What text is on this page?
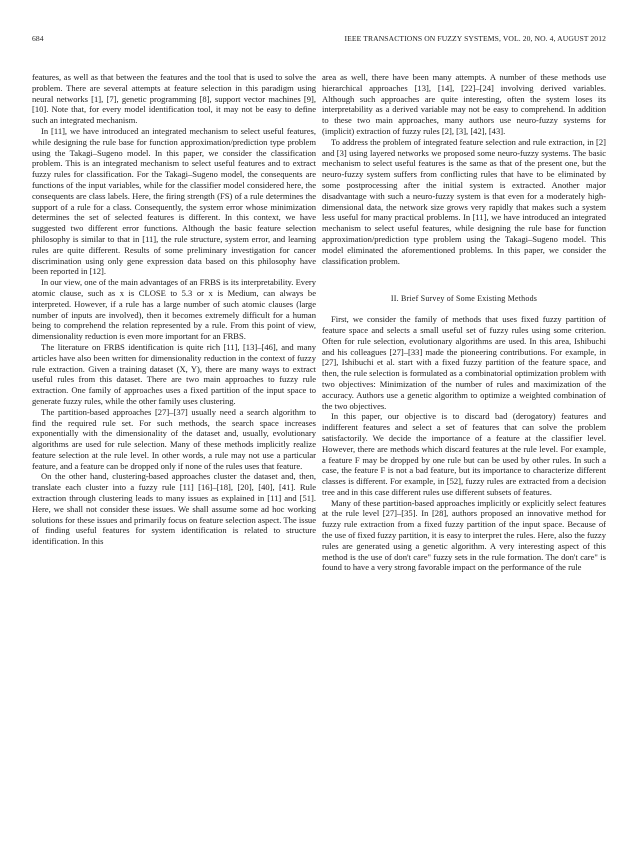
684	IEEE TRANSACTIONS ON FUZZY SYSTEMS, VOL. 20, NO. 4, AUGUST 2012

features, as well as that between the features and the tool that is used to solve the problem. There are several attempts at feature selection in this paradigm using neural networks [1], [7], genetic programming [8], support vector machines [9], [10]. Note that, for every model identification tool, it may not be easy to define such an integrated mechanism.

In [11], we have introduced an integrated mechanism to select useful features, while designing the rule base for function approximation/prediction type problem using the Takagi–Sugeno model. In this paper, we consider the classification problem. This is an integrated mechanism to select useful features and to extract fuzzy rules for classification. For the Takagi–Sugeno model, the consequents are functions of the input variables, while for the classifier model considered here, the consequents are class labels. Here, the firing strength (FS) of a rule determines the support of a rule for a class. Consequently, the system error whose minimization determines the set of selected features is different. In this context, we have suggested two different error functions. Although the basic feature selection philosophy is similar to that in [11], the rule structure, system error, and learning rules are quite different. Results of some preliminary investigation for cancer discrimination using only gene expression data based on this philosophy have been reported in [12].

In our view, one of the main advantages of an FRBS is its interpretability. Every atomic clause, such as x is CLOSE to 5.3 or x is Medium, can always be interpreted. However, if a rule has a large number of such atomic clauses (large number of inputs are involved), then it becomes extremely difficult for a human being to comprehend the relation represented by a rule. From this point of view, dimensionality reduction is even more important for an FRBS.

The literature on FRBS identification is quite rich [11], [13]–[46], and many articles have also been written for dimensionality reduction in the context of fuzzy rule extraction. Given a training dataset (X, Y), there are many ways to extract useful rules from this dataset. There are two main approaches to fuzzy rule extraction. One family of approaches uses a fixed partition of the input space to generate fuzzy rules, while the other family uses clustering.

The partition-based approaches [27]–[37] usually need a search algorithm to find the required rule set. For such methods, the search space increases exponentially with the dimensionality of the dataset and, usually, evolutionary algorithms are used for rule selection. Many of these methods implicitly realize feature selection at the rule level. In other words, a rule may not use a particular feature, and a feature can be dropped only if none of the rules uses that feature.

On the other hand, clustering-based approaches cluster the dataset and, then, translate each cluster into a fuzzy rule [11] [16]–[18], [20], [40], [41]. Rule extraction through clustering leads to many issues as explained in [11] and [51]. Here, we shall not consider these issues. We shall assume some ad hoc working solutions for these issues and primarily focus on feature selection aspect. The issue of finding useful features for system identification is related to structure identification. In this

area as well, there have been many attempts. A number of these methods use hierarchical approaches [13], [14], [22]–[24] involving derived variables. Although such approaches are quite interesting, often the system loses its interpretability as a derived variable may not be easy to comprehend. In addition to these two main approaches, many authors use neuro-fuzzy systems for (implicit) extraction of fuzzy rules [2], [3], [42], [43].

To address the problem of integrated feature selection and rule extraction, in [2] and [3] using layered networks we proposed some neuro-fuzzy systems. The basic mechanism to select useful features is the same as that of the present one, but the neuro-fuzzy system suffers from conflicting rules that have to be eliminated by some postprocessing after the initial system is extracted. Another major disadvantage with such a neuro-fuzzy system is that even for a moderately high-dimensional data, the network size grows very rapidly that makes such a system less useful for many practical problems. In [11], we have introduced an integrated mechanism to select useful features, while designing the rule base for function approximation/prediction type problem using the Takagi–Sugeno model. This model eliminated the aforementioned problems. In this paper, we consider the classification problem.

II. Brief Survey of Some Existing Methods

First, we consider the family of methods that uses fixed fuzzy partition of feature space and selects a small useful set of fuzzy rules using some criterion. Often for rule selection, evolutionary algorithms are used. In this area, Ishibuchi and his colleagues [27]–[33] made the pioneering contributions. For example, in [27], Ishibuchi et al. start with a fixed fuzzy partition of the feature space, and then, the rule selection is formulated as a combinatorial optimization problem with two objectives: Minimization of the number of rules and maximization of the accuracy. Authors use a genetic algorithm to optimize a weighted combination of the two objectives.

In this paper, our objective is to discard bad (derogatory) features and indifferent features and select a set of features that can solve the problem satisfactorily. We decide the importance of a feature at the classifier level. However, there are methods which discard features at the rule level. For example, a feature F may be dropped by one rule but can be used by other rules. In such a case, the feature F is not a bad feature, but its importance to characterize different classes is different. For example, in [52], fuzzy rules are extracted from a decision tree and in this case different rules use different subsets of features.

Many of these partition-based approaches implicitly or explicitly select features at the rule level [27]–[35]. In [28], authors proposed an innovative method for fuzzy rule extraction from a fixed fuzzy partition of the input space. Because of the use of fixed fuzzy partition, it is easy to interpret the rules. Here, also the fuzzy rules are generated using a genetic algorithm. A very interesting aspect of this method is the use of don't care" fuzzy sets in the rule formation. The don't care" is found to have a very strong favorable impact on the performance of the rule
